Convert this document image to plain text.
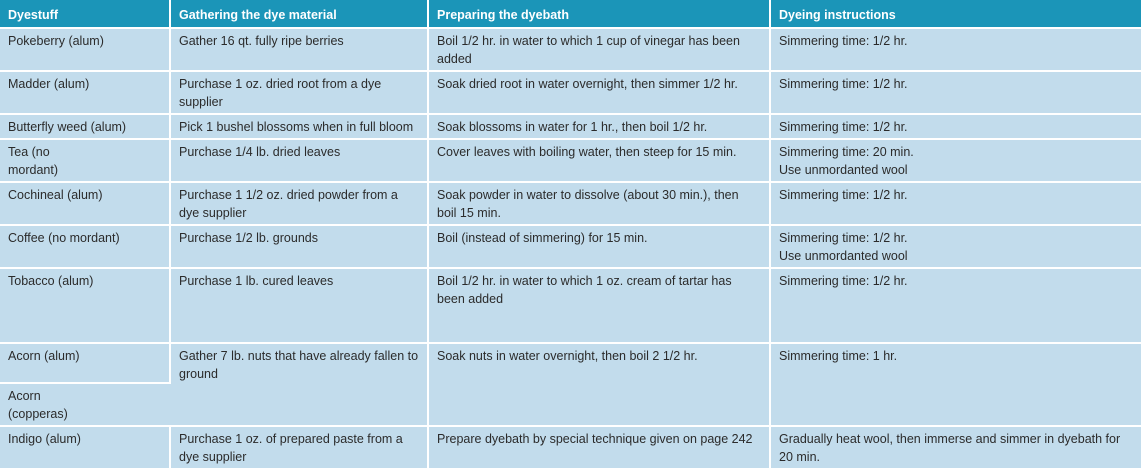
Dyestuff	Gathering the dye material	Preparing the dyebath	Dyeing instructions
Pokeberry (alum)	Gather 16 qt. fully ripe berries	Boil 1/2 hr. in water to which 1 cup of vinegar has been added	Simmering time: 1/2 hr.
Madder (alum)	Purchase 1 oz. dried root from a dye supplier	Soak dried root in water overnight, then simmer 1/2 hr.	Simmering time: 1/2 hr.
Butterfly weed (alum)	Pick 1 bushel blossoms when in full bloom	Soak blossoms in water for 1 hr., then boil 1/2 hr.	Simmering time: 1/2 hr.

Tea (no mordant)	Purchase 1/4 lb. dried leaves	Cover leaves with boiling water, then steep for 15 min.	Simmering time: 20 min.
Use unmordanted wool

Cochineal (alum)	Purchase 1 1/2 oz. dried powder from a dye supplier	Soak powder in water to dissolve (about 30 min.), then boil 15 min.	Simmering time: 1/2 hr.
Coffee (no mordant)	Purchase 1/2 lb. grounds	Boil (instead of simmering) for 15 min.	Simmering time: 1/2 hr. Use unmordanted wool

Tobacco (alum)	Purchase 1 lb. cured leaves	Boil 1/2 hr. in water to which 1 oz. cream of tartar has been added	Simmering time: 1/2 hr.
Acorn (alum)	Gather 7 lb. nuts that have already fallen to ground	Soak nuts in water overnight, then boil 2 1/2 hr.	Simmering time: 1 hr.

Acorn (copperas)			

Indigo (alum)	Purchase 1 oz. of prepared paste from a dye supplier	Prepare dyebath by special technique given on page 242	Gradually heat wool, then immerse and simmer in dyebath for 20 min.
